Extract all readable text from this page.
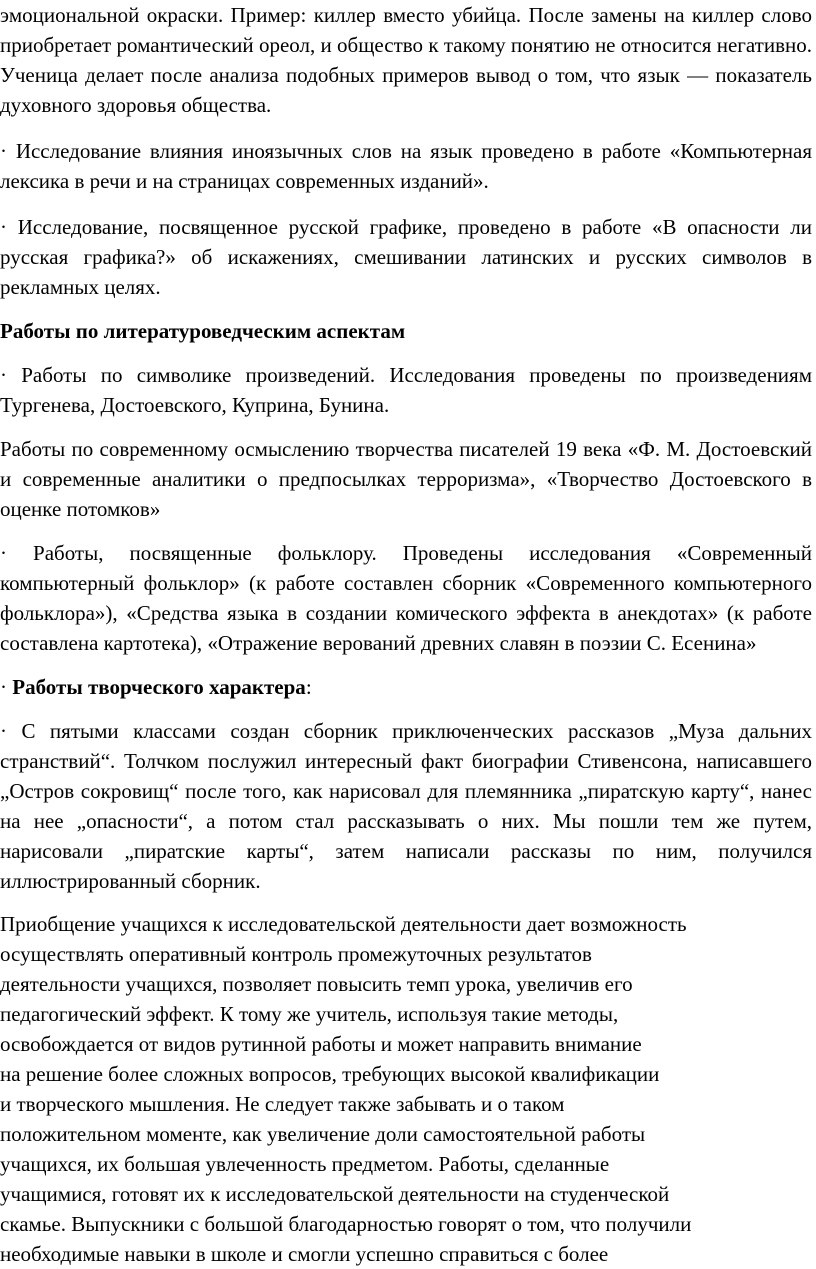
эмоциональной окраски. Пример: киллер вместо убийца. После замены на киллер слово приобретает романтический ореол, и общество к такому понятию не относится негативно. Ученица делает после анализа подобных примеров вывод о том, что язык — показатель духовного здоровья общества.

· Исследование влияния иноязычных слов на язык проведено в работе «Компьютерная лексика в речи и на страницах современных изданий».

· Исследование, посвященное русской графике, проведено в работе «В опасности ли русская графика?» об искажениях, смешивании латинских и русских символов в рекламных целях.

Работы по литературоведческим аспектам

· Работы по символике произведений. Исследования проведены по произведениям Тургенева, Достоевского, Куприна, Бунина.

Работы по современному осмыслению творчества писателей 19 века «Ф. М. Достоевский и современные аналитики о предпосылках терроризма», «Творчество Достоевского в оценке потомков»

· Работы, посвященные фольклору. Проведены исследования «Современный компьютерный фольклор» (к работе составлен сборник «Современного компьютерного фольклора»), «Средства языка в создании комического эффекта в анекдотах» (к работе составлена картотека), «Отражение верований древних славян в поэзии С. Есенина»

· Работы творческого характера:

· С пятыми классами создан сборник приключенческих рассказов „Муза дальних странствий“. Толчком послужил интересный факт биографии Стивенсона, написавшего „Остров сокровищ“ после того, как нарисовал для племянника „пиратскую карту“, нанес на нее „опасности“, а потом стал рассказывать о них. Мы пошли тем же путем, нарисовали „пиратские карты“, затем написали рассказы по ним, получился иллюстрированный сборник.

Приобщение учащихся к исследовательской деятельности дает возможность
осуществлять оперативный контроль промежуточных результатов
деятельности учащихся, позволяет повысить темп урока, увеличив его
педагогический эффект. К тому же учитель, используя такие методы,
освобождается от видов рутинной работы и может направить внимание
на решение более сложных вопросов, требующих высокой квалификации
и творческого мышления. Не следует также забывать и о таком
положительном моменте, как увеличение доли самостоятельной работы
учащихся, их большая увлеченность предметом. Работы, сделанные
учащимися, готовят их к исследовательской деятельности на студенческой
скамье. Выпускники с большой благодарностью говорят о том, что получили
необходимые навыки в школе и смогли успешно справиться с более
